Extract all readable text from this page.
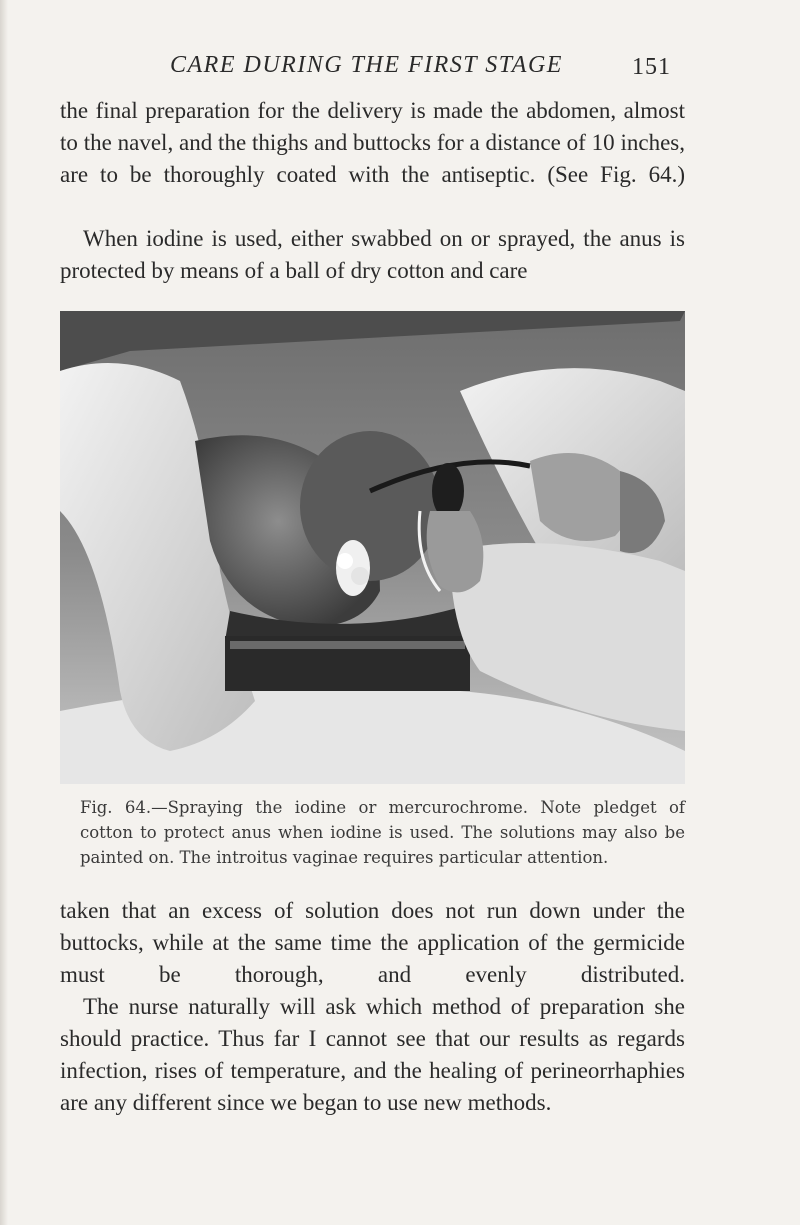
CARE DURING THE FIRST STAGE	151

the final preparation for the delivery is made the abdomen, almost to the navel, and the thighs and buttocks for a distance of 10 inches, are to be thoroughly coated with the antiseptic. (See Fig. 64.)

When iodine is used, either swabbed on or sprayed, the anus is protected by means of a ball of dry cotton and care

Fig. 64.—Spraying the iodine or mercurochrome. Note pledget of cotton to protect anus when iodine is used. The solutions may also be painted on. The introitus vaginae requires particular attention.

taken that an excess of solution does not run down under the buttocks, while at the same time the application of the germicide must be thorough, and evenly distributed.

The nurse naturally will ask which method of preparation she should practice. Thus far I cannot see that our results as regards infection, rises of temperature, and the healing of perineorrhaphies are any different since we began to use new methods.
